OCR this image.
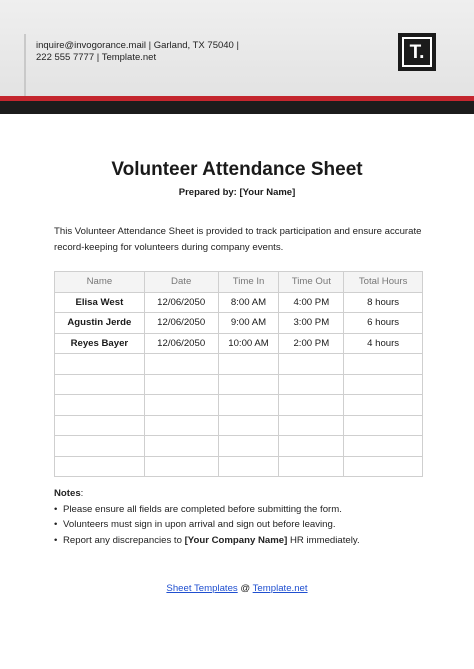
inquire@invogorance.mail | Garland, TX 75040 |
222 555 7777 | Template.net	T.
Volunteer Attendance Sheet
Prepared by: [Your Name]
This Volunteer Attendance Sheet is provided to track participation and ensure accurate record-keeping for volunteers during company events.
Name	Date	Time In	Time Out	Total Hours
Elisa West	12/06/2050	8:00 AM	4:00 PM	8 hours
Agustin Jerde	12/06/2050	9:00 AM	3:00 PM	6 hours
Reyes Bayer	12/06/2050	10:00 AM	2:00 PM	4 hours

Notes:
• Please ensure all fields are completed before submitting the form.
• Volunteers must sign in upon arrival and sign out before leaving.
• Report any discrepancies to [Your Company Name] HR immediately.
Sheet Templates @ Template.net
